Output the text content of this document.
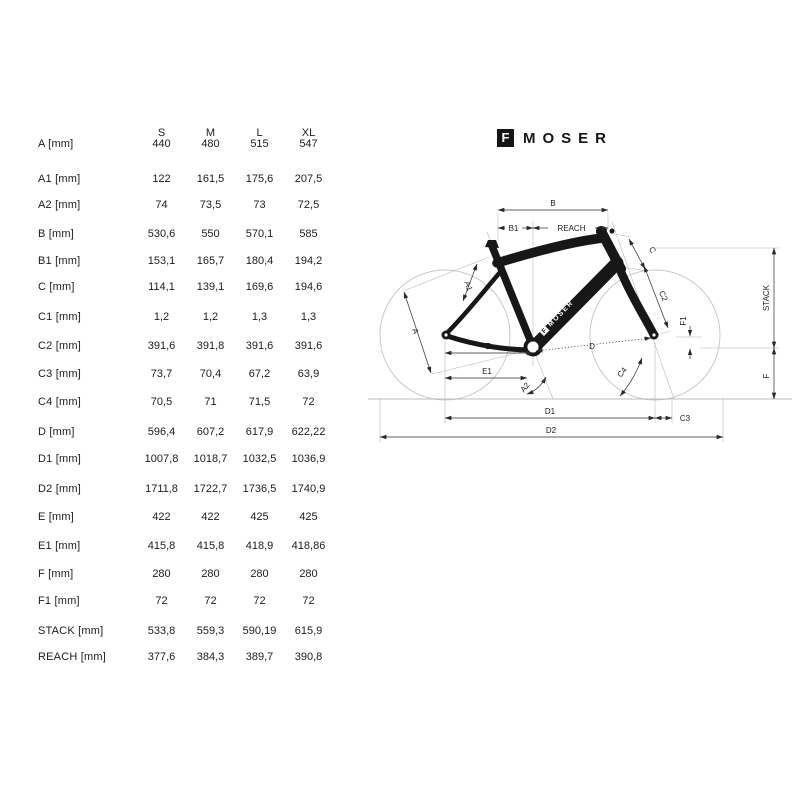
F MOSER
S	M	L	XL
A [mm]	440	480	515	547
A1 [mm]	122	161,5	175,6	207,5
A2 [mm]	74	73,5	73	72,5
B [mm]	530,6	550	570,1	585
B1 [mm]	153,1	165,7	180,4	194,2
C [mm]	114,1	139,1	169,6	194,6
C1 [mm]	1,2	1,2	1,3	1,3
C2 [mm]	391,6	391,8	391,6	391,6
C3 [mm]	73,7	70,4	67,2	63,9
C4 [mm]	70,5	71	71,5	72
D [mm]	596,4	607,2	617,9	622,22
D1 [mm]	1007,8	1018,7	1032,5	1036,9
D2 [mm]	1711,8	1722,7	1736,5	1740,9
E [mm]	422	422	425	425
E1 [mm]	415,8	415,8	418,9	418,86
F [mm]	280	280	280	280
F1 [mm]	72	72	72	72
STACK [mm]	533,8	559,3	590,19	615,9
REACH [mm]	377,6	384,3	389,7	390,8
F
MOSER
B
B1	REACH
A
A1
A2
C
C2
C3
C4
D
D1
D2
E
E1
F1
STACK
F
